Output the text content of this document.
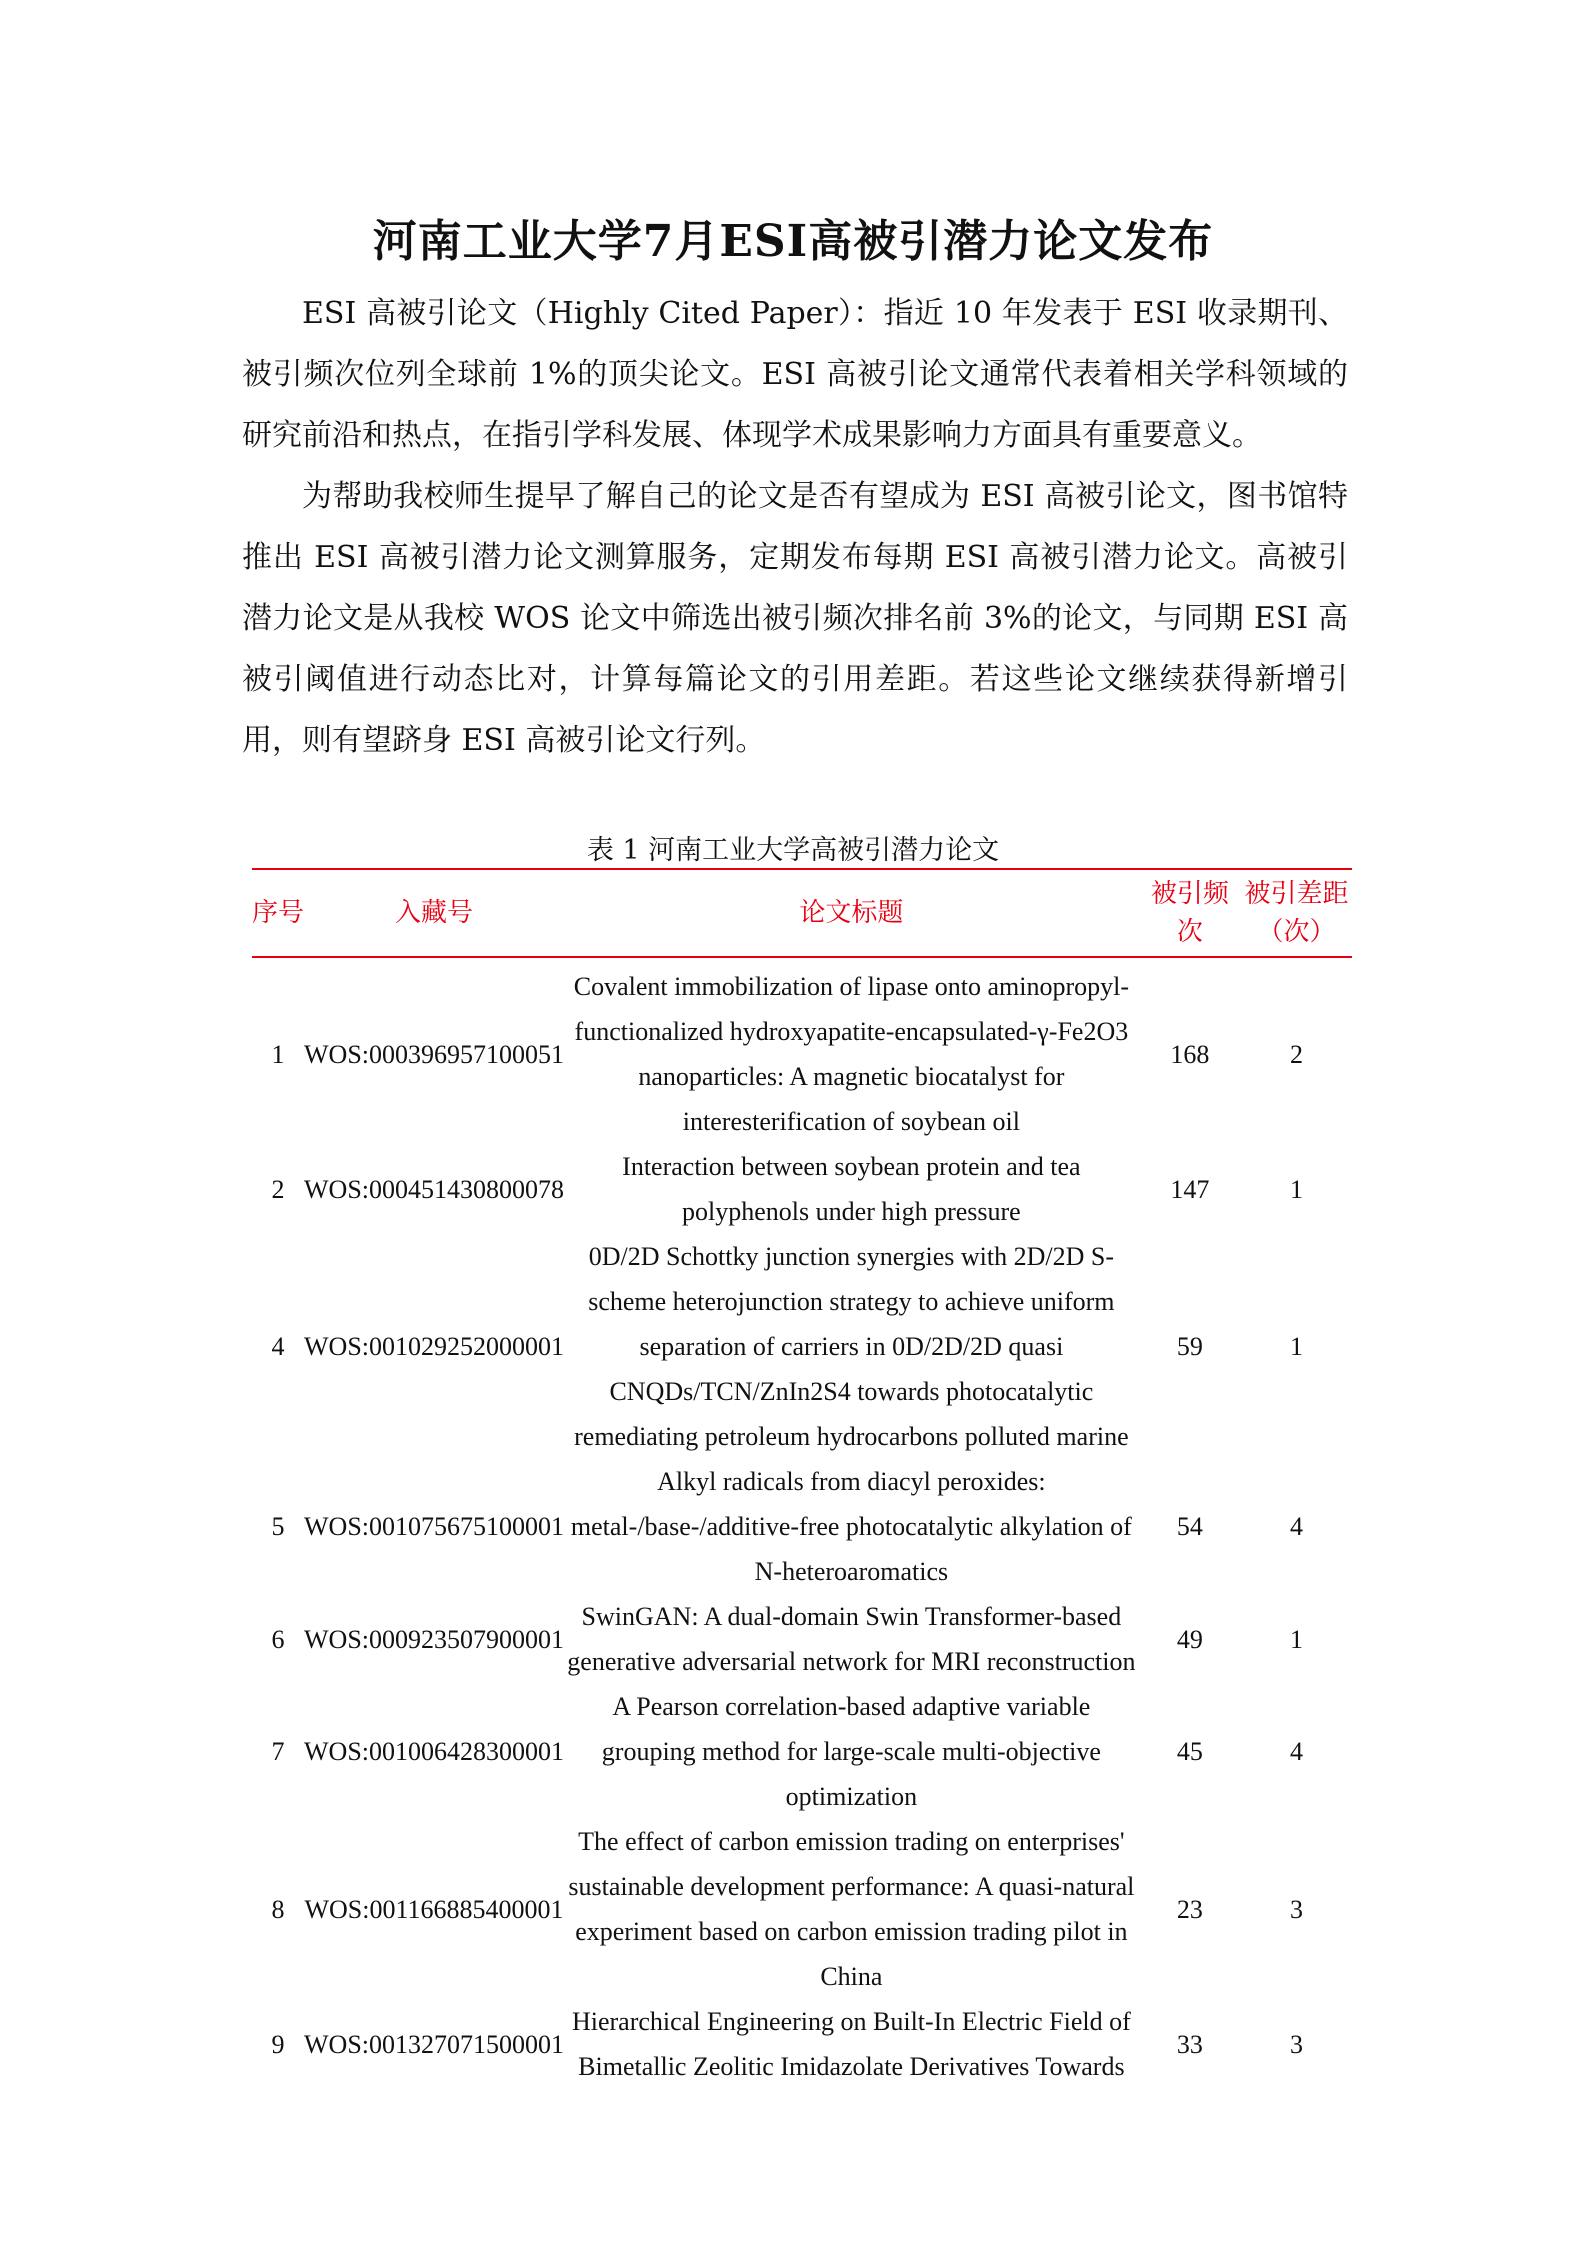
河南工业大学7月ESI高被引潜力论文发布

ESI 高被引论文（Highly Cited Paper）：指近 10 年发表于 ESI 收录期刊、被引频次位列全球前 1%的顶尖论文。ESI 高被引论文通常代表着相关学科领域的研究前沿和热点，在指引学科发展、体现学术成果影响力方面具有重要意义。

为帮助我校师生提早了解自己的论文是否有望成为 ESI 高被引论文，图书馆特推出 ESI 高被引潜力论文测算服务，定期发布每期 ESI 高被引潜力论文。高被引潜力论文是从我校 WOS 论文中筛选出被引频次排名前 3%的论文，与同期 ESI 高被引阈值进行动态比对，计算每篇论文的引用差距。若这些论文继续获得新增引用，则有望跻身 ESI 高被引论文行列。

表 1 河南工业大学高被引潜力论文

序号	入藏号	论文标题	被引频次	被引差距（次）
1	WOS:000396957100051	Covalent immobilization of lipase onto aminopropyl-functionalized hydroxyapatite-encapsulated-γ-Fe2O3 nanoparticles: A magnetic biocatalyst for interesterification of soybean oil	168	2
2	WOS:000451430800078	Interaction between soybean protein and tea polyphenols under high pressure	147	1
4	WOS:001029252000001	0D/2D Schottky junction synergies with 2D/2D S-scheme heterojunction strategy to achieve uniform separation of carriers in 0D/2D/2D quasi CNQDs/TCN/ZnIn2S4 towards photocatalytic remediating petroleum hydrocarbons polluted marine	59	1
5	WOS:001075675100001	Alkyl radicals from diacyl peroxides: metal-/base-/additive-free photocatalytic alkylation of N-heteroaromatics	54	4
6	WOS:000923507900001	SwinGAN: A dual-domain Swin Transformer-based generative adversarial network for MRI reconstruction	49	1
7	WOS:001006428300001	A Pearson correlation-based adaptive variable grouping method for large-scale multi-objective optimization	45	4
8	WOS:001166885400001	The effect of carbon emission trading on enterprises' sustainable development performance: A quasi-natural experiment based on carbon emission trading pilot in China	23	3
9	WOS:001327071500001	Hierarchical Engineering on Built-In Electric Field of Bimetallic Zeolitic Imidazolate Derivatives Towards	33	3
